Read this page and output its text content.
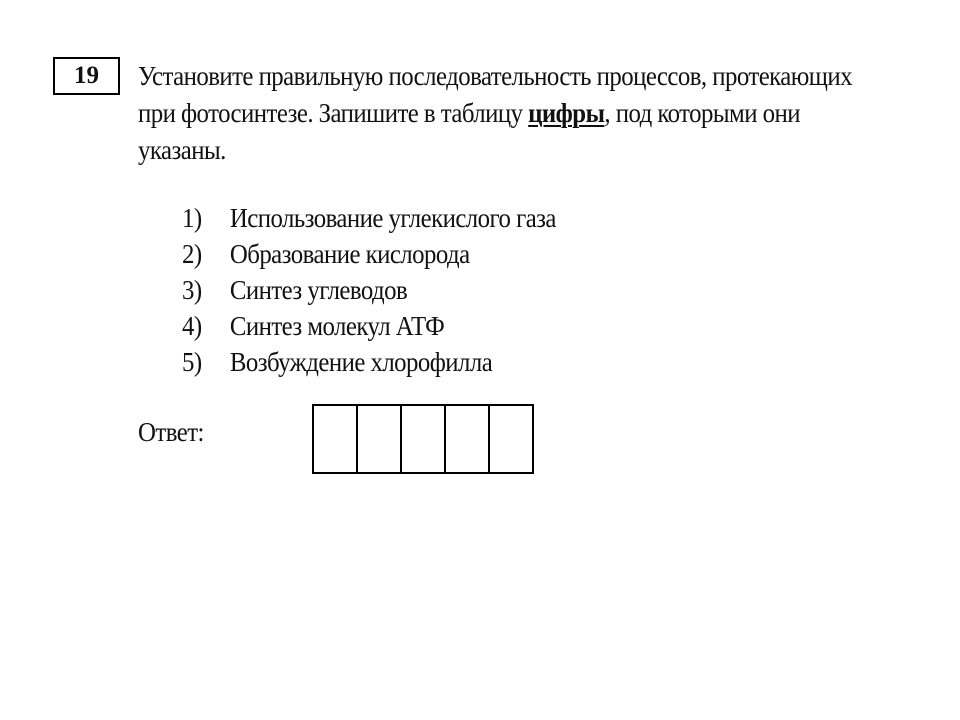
19 Установите правильную последовательность процессов, протекающих
при фотосинтезе. Запишите в таблицу цифры, под которыми они
указаны.
1)	Использование углекислого газа
2)	Образование кислорода
3)	Синтез углеводов
4)	Синтез молекул АТФ
5)	Возбуждение хлорофилла
Ответ:
